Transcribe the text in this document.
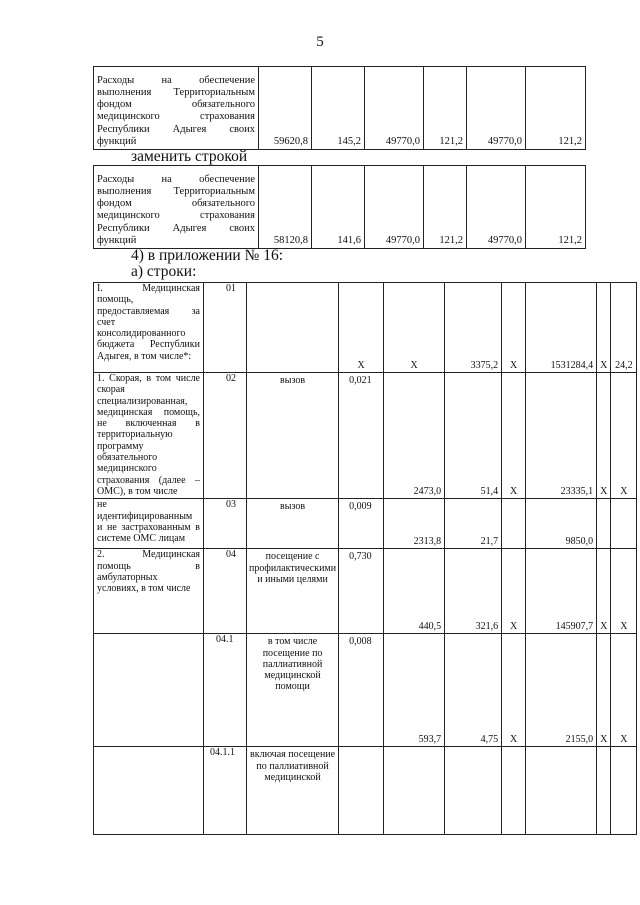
5
Расходы на обеспечение выполнения Территориальным фондом обязательного медицинского страхования Республики Адыгея своих функций	59620,8	145,2	49770,0	121,2	49770,0	121,2
заменить строкой
Расходы на обеспечение выполнения Территориальным фондом обязательного медицинского страхования Республики Адыгея своих функций	58120,8	141,6	49770,0	121,2	49770,0	121,2
4) в приложении № 16:
а) строки:
I. Медицинская помощь, предоставляемая за счет консолидированного бюджета Республики Адыгея, в том числе*:	01		X	X	3375,2	X	1531284,4	X	24,2

1. Скорая, в том числе скорая специализированная, медицинская помощь, не включенная в территориальную программу обязательного медицинского страхования (далее – ОМС), в том числе	02	вызов	0,021	2473,0	51,4	X	23335,1	X	X

не идентифицированным и не застрахованным в системе ОМС лицам	03	вызов	0,009	2313,8	21,7		9850,0		

2. Медицинская помощь в амбулаторных условиях, в том числе	04	посещение с профилактическими и иными целями	0,730	440,5	321,6	X	145907,7	X	X
	04.1	в том числе посещение по паллиативной медицинской помощи	0,008	593,7	4,75	X	2155,0	X	X
	04.1.1	включая посещение по паллиативной медицинской							
